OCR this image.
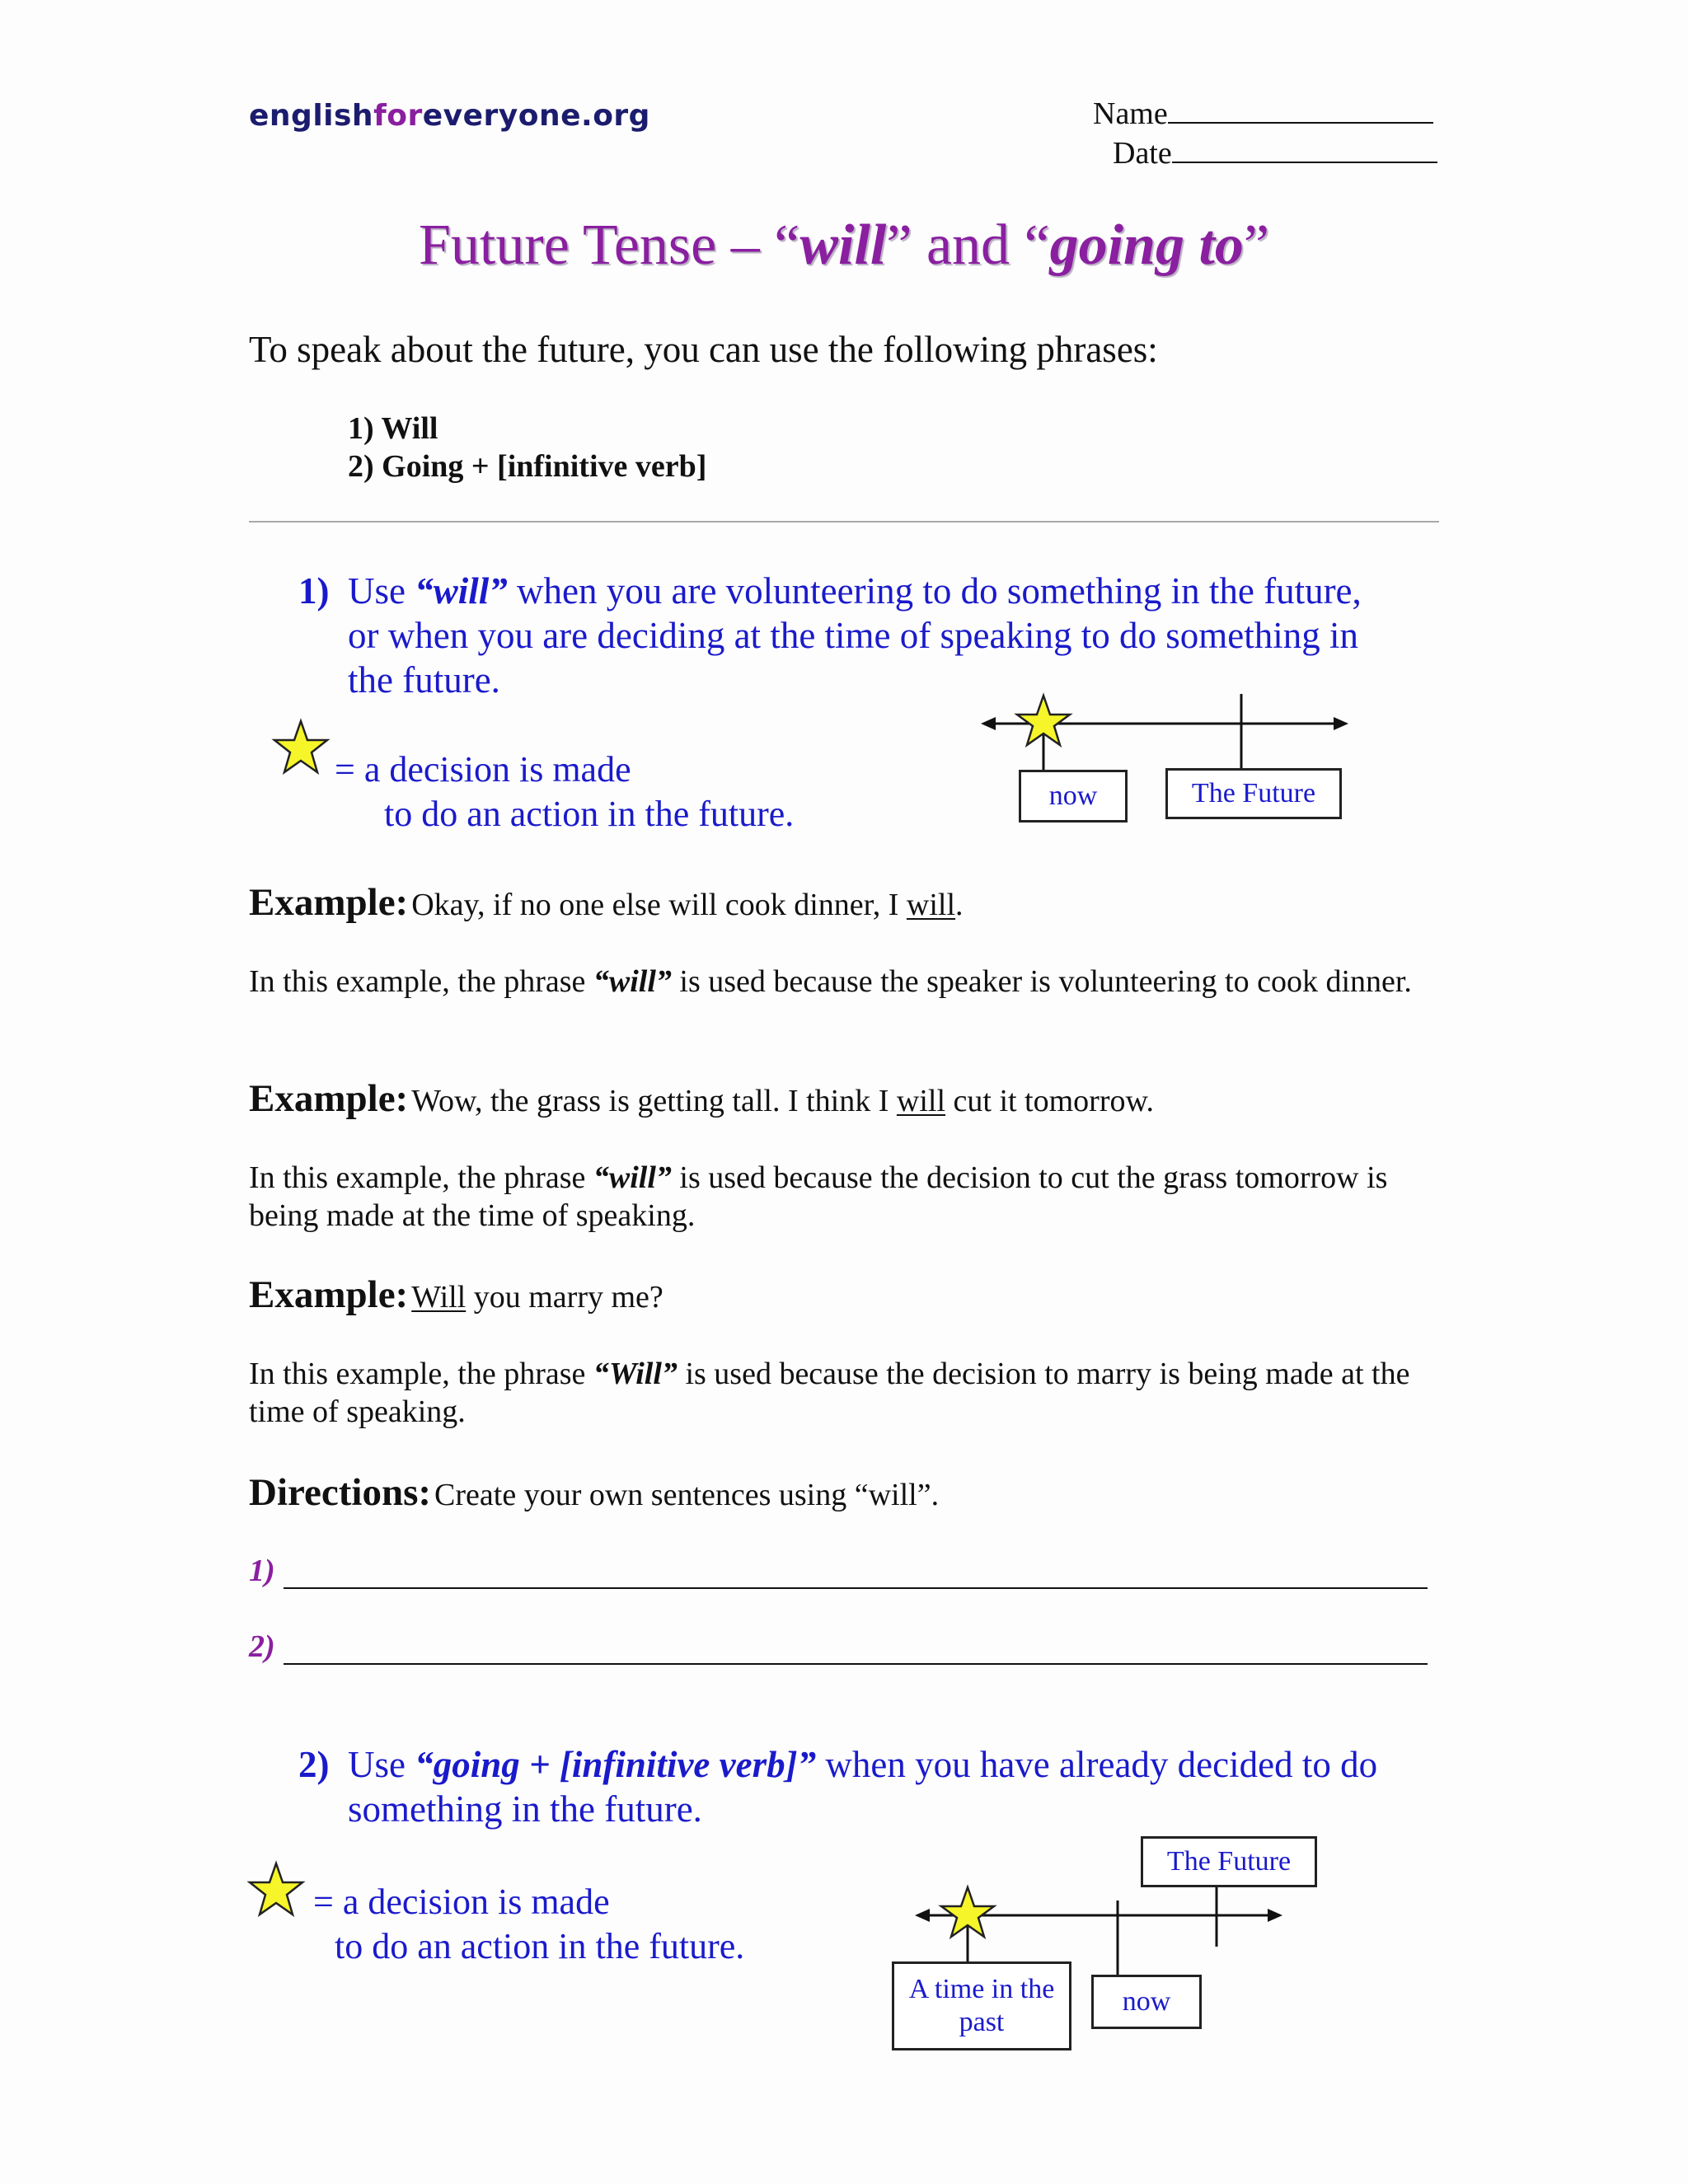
englishforeveryone.org	Name
Date
Future Tense – “will” and “going to”
To speak about the future, you can use the following phrases:
1) Will
2) Going + [infinitive verb]
1) Use “will” when you are volunteering to do something in the future,
or when you are deciding at the time of speaking to do something in
the future.
= a decision is made
to do an action in the future.	now	The Future
Example: Okay, if no one else will cook dinner, I will.
In this example, the phrase “will” is used because the speaker is volunteering to cook dinner.
Example: Wow, the grass is getting tall. I think I will cut it tomorrow.
In this example, the phrase “will” is used because the decision to cut the grass tomorrow is being made at the time of speaking.
Example: Will you marry me?
In this example, the phrase “Will” is used because the decision to marry is being made at the time of speaking.
Directions: Create your own sentences using “will”.
1)
2)
2) Use “going + [infinitive verb]” when you have already decided to do
something in the future.
= a decision is made
to do an action in the future.
The Future
A time in the past
now
